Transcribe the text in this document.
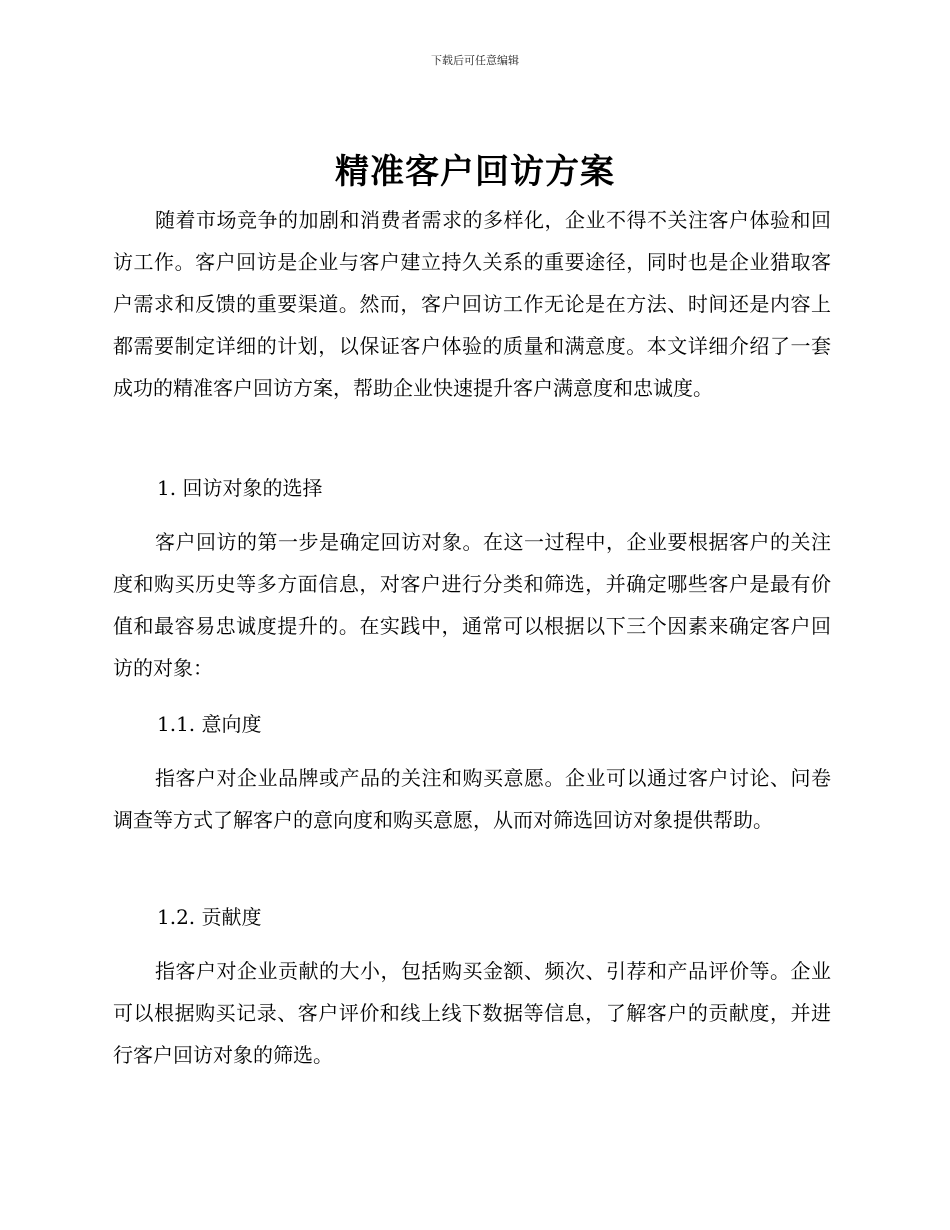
下载后可任意编辑
精准客户回访方案

随着市场竞争的加剧和消费者需求的多样化，企业不得不关注客户体验和回访工作。客户回访是企业与客户建立持久关系的重要途径，同时也是企业猎取客户需求和反馈的重要渠道。然而，客户回访工作无论是在方法、时间还是内容上都需要制定详细的计划，以保证客户体验的质量和满意度。本文详细介绍了一套成功的精准客户回访方案，帮助企业快速提升客户满意度和忠诚度。

1. 回访对象的选择

客户回访的第一步是确定回访对象。在这一过程中，企业要根据客户的关注度和购买历史等多方面信息，对客户进行分类和筛选，并确定哪些客户是最有价值和最容易忠诚度提升的。在实践中，通常可以根据以下三个因素来确定客户回访的对象：

1.1. 意向度

指客户对企业品牌或产品的关注和购买意愿。企业可以通过客户讨论、问卷调查等方式了解客户的意向度和购买意愿，从而对筛选回访对象提供帮助。

1.2. 贡献度

指客户对企业贡献的大小，包括购买金额、频次、引荐和产品评价等。企业可以根据购买记录、客户评价和线上线下数据等信息，了解客户的贡献度，并进行客户回访对象的筛选。
